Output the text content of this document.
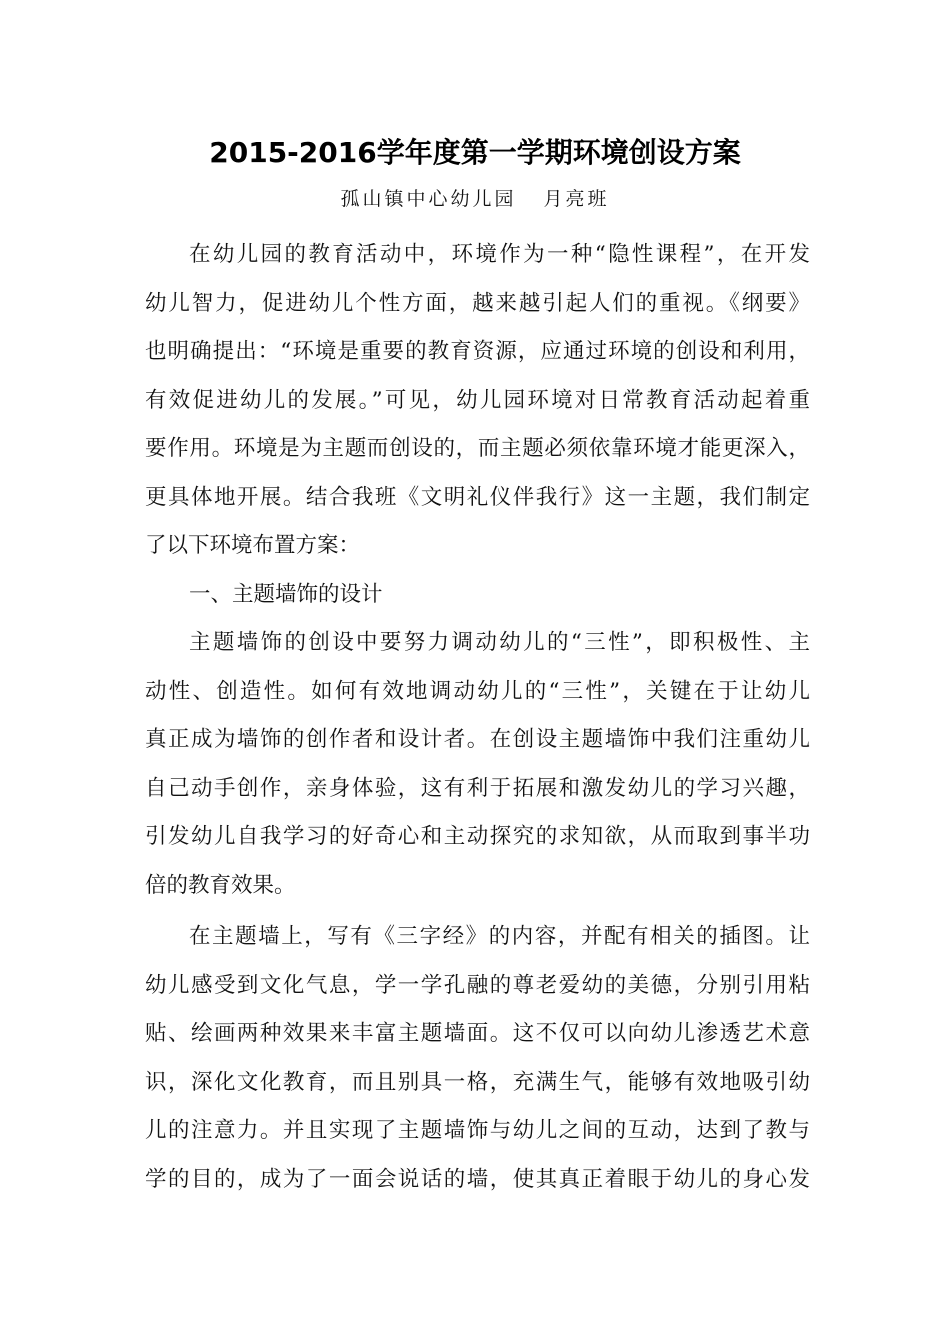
2015-2016学年度第一学期环境创设方案
孤山镇中心幼儿园   月亮班
在幼儿园的教育活动中，环境作为一种“隐性课程”，在开发
幼儿智力，促进幼儿个性方面，越来越引起人们的重视。《纲要》
也明确提出：“环境是重要的教育资源，应通过环境的创设和利用，
有效促进幼儿的发展。”可见，幼儿园环境对日常教育活动起着重
要作用。环境是为主题而创设的，而主题必须依靠环境才能更深入，
更具体地开展。结合我班《文明礼仪伴我行》这一主题，我们制定
了以下环境布置方案：
一、主题墙饰的设计
主题墙饰的创设中要努力调动幼儿的“三性”，即积极性、主
动性、创造性。如何有效地调动幼儿的“三性”，关键在于让幼儿
真正成为墙饰的创作者和设计者。在创设主题墙饰中我们注重幼儿
自己动手创作，亲身体验，这有利于拓展和激发幼儿的学习兴趣，
引发幼儿自我学习的好奇心和主动探究的求知欲，从而取到事半功
倍的教育效果。
在主题墙上，写有《三字经》的内容，并配有相关的插图。让
幼儿感受到文化气息，学一学孔融的尊老爱幼的美德，分别引用粘
贴、绘画两种效果来丰富主题墙面。这不仅可以向幼儿渗透艺术意
识，深化文化教育，而且别具一格，充满生气，能够有效地吸引幼
儿的注意力。并且实现了主题墙饰与幼儿之间的互动，达到了教与
学的目的，成为了一面会说话的墙，使其真正着眼于幼儿的身心发
